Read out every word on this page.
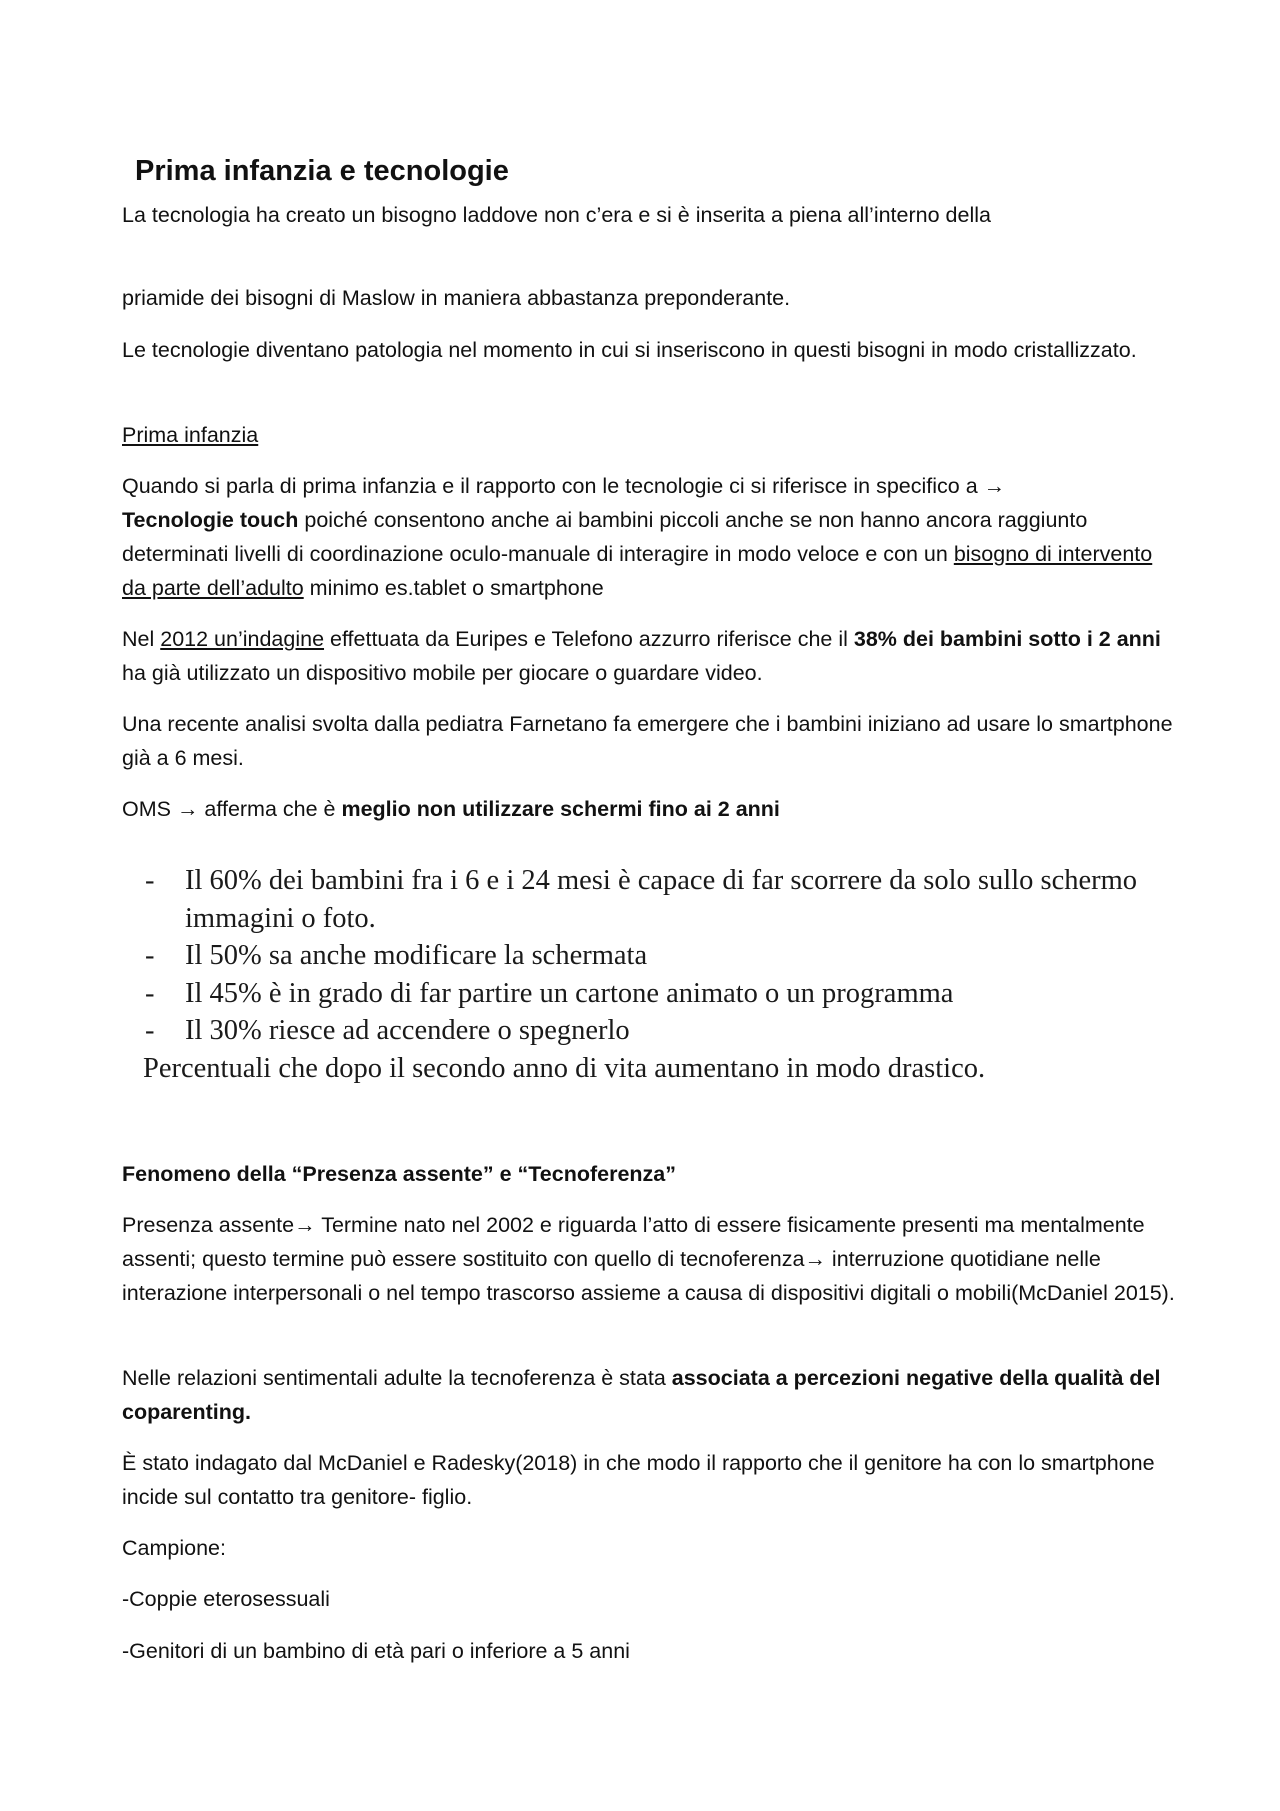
Prima infanzia e tecnologie

La tecnologia ha creato un bisogno laddove non c’era e si è inserita a piena all’interno della

priamide dei bisogni di Maslow in maniera abbastanza preponderante.

Le tecnologie diventano patologia nel momento in cui si inseriscono in questi bisogni in modo cristallizzato.

Prima infanzia

Quando si parla di prima infanzia e il rapporto con le tecnologie ci si riferisce in specifico a →
Tecnologie touch poiché consentono anche ai bambini piccoli anche se non hanno ancora raggiunto determinati livelli di coordinazione oculo-manuale di interagire in modo veloce e con un bisogno di intervento da parte dell’adulto minimo es.tablet o smartphone

Nel 2012 un’indagine effettuata da Euripes e Telefono azzurro riferisce che il 38% dei bambini sotto i 2 anni ha già utilizzato un dispositivo mobile per giocare o guardare video.

Una recente analisi svolta dalla pediatra Farnetano fa emergere che i bambini iniziano ad usare lo smartphone già a 6 mesi.

OMS → afferma che è meglio non utilizzare schermi fino ai 2 anni

- Il 60% dei bambini fra i 6 e i 24 mesi è capace di far scorrere da solo sullo schermo
immagini o foto.
- Il 50% sa anche modificare la schermata
- Il 45% è in grado di far partire un cartone animato o un programma
- Il 30% riesce ad accendere o spegnerlo
Percentuali che dopo il secondo anno di vita aumentano in modo drastico.

Fenomeno della “Presenza assente” e “Tecnoferenza”

Presenza assente→ Termine nato nel 2002 e riguarda l’atto di essere fisicamente presenti ma mentalmente assenti; questo termine può essere sostituito con quello di tecnoferenza→ interruzione quotidiane nelle interazione interpersonali o nel tempo trascorso assieme a causa di dispositivi digitali o mobili(McDaniel 2015).

Nelle relazioni sentimentali adulte la tecnoferenza è stata associata a percezioni negative della qualità del coparenting.

È stato indagato dal McDaniel e Radesky(2018) in che modo il rapporto che il genitore ha con lo smartphone incide sul contatto tra genitore- figlio.

Campione:

-Coppie eterosessuali

-Genitori di un bambino di età pari o inferiore a 5 anni
